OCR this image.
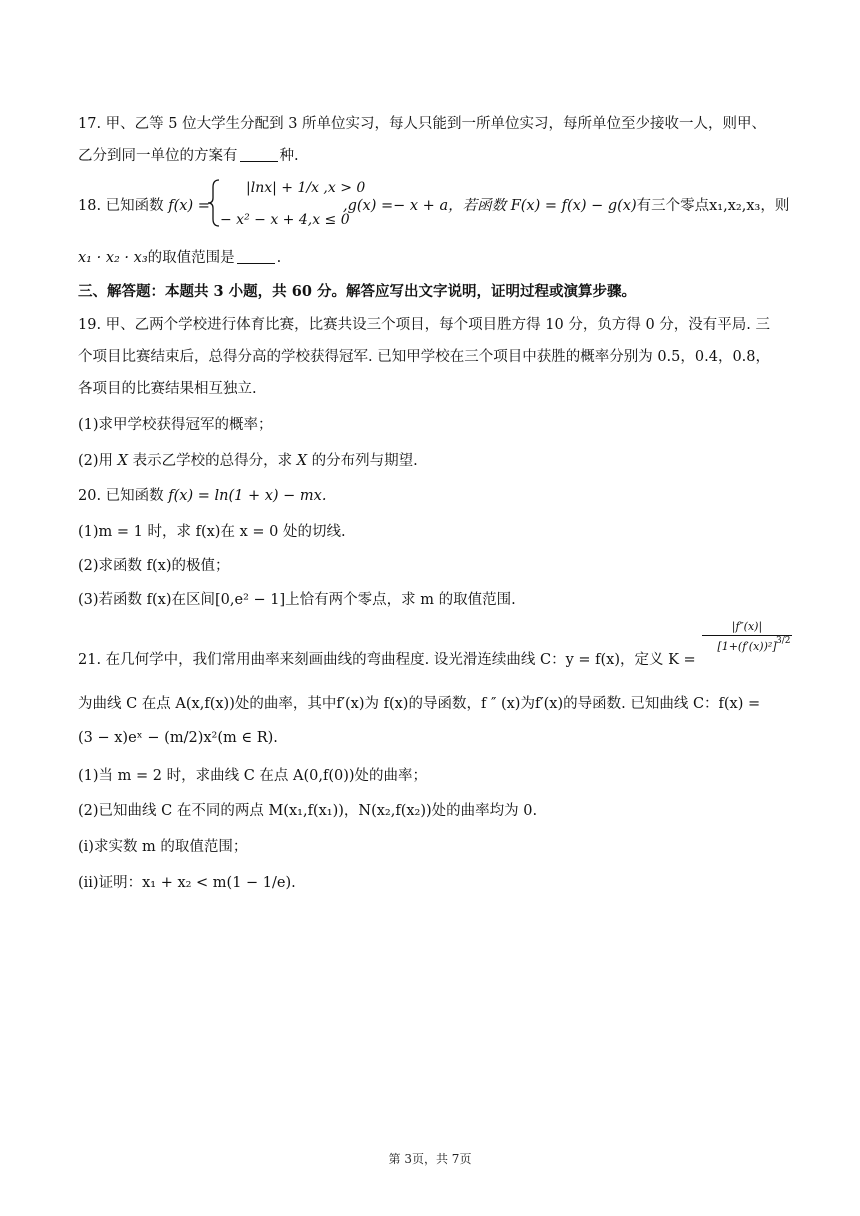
17. 甲、乙等 5 位大学生分配到 3 所单位实习，每人只能到一所单位实习，每所单位至少接收一人，则甲、
乙分到同一单位的方案有	种.
18. 已知函数 f(x) =
|lnx| + 1/x ,x > 0
− x² − x + 4,x ≤ 0
,g(x) =− x + a，若函数 F(x) = f(x) − g(x)有三个零点x₁,x₂,x₃，则
x₁ · x₂ · x₃的取值范围是	.
三、解答题：本题共 3 小题，共 60 分。解答应写出文字说明，证明过程或演算步骤。
19. 甲、乙两个学校进行体育比赛，比赛共设三个项目，每个项目胜方得 10 分，负方得 0 分，没有平局. 三
个项目比赛结束后，总得分高的学校获得冠军. 已知甲学校在三个项目中获胜的概率分别为 0.5，0.4，0.8，
各项目的比赛结果相互独立.
(1)求甲学校获得冠军的概率；
(2)用 X 表示乙学校的总得分，求 X 的分布列与期望.
20. 已知函数 f(x) = ln(1 + x) − mx.
(1)m = 1 时，求 f(x)在 x = 0 处的切线.
(2)求函数 f(x)的极值；
(3)若函数 f(x)在区间[0,e² − 1]上恰有两个零点，求 m 的取值范围.
21. 在几何学中，我们常用曲率来刻画曲线的弯曲程度. 设光滑连续曲线 C：y = f(x)，定义 K =
$\frac{|f''(x)|}{\text{[1+(f′(x))²]}}$
3/2
为曲线 C 在点 A(x,f(x))处的曲率，其中f′(x)为 f(x)的导函数，f ″ (x)为f′(x)的导函数. 已知曲线 C：f(x) =
(3 − x)eˣ − (m/2)x²(m ∈ R).
(1)当 m = 2 时，求曲线 C 在点 A(0,f(0))处的曲率；
(2)已知曲线 C 在不同的两点 M(x₁,f(x₁))，N(x₂,f(x₂))处的曲率均为 0.
(i)求实数 m 的取值范围；
(ii)证明：x₁ + x₂ < m(1 − 1/e).
第 3页，共 7页
